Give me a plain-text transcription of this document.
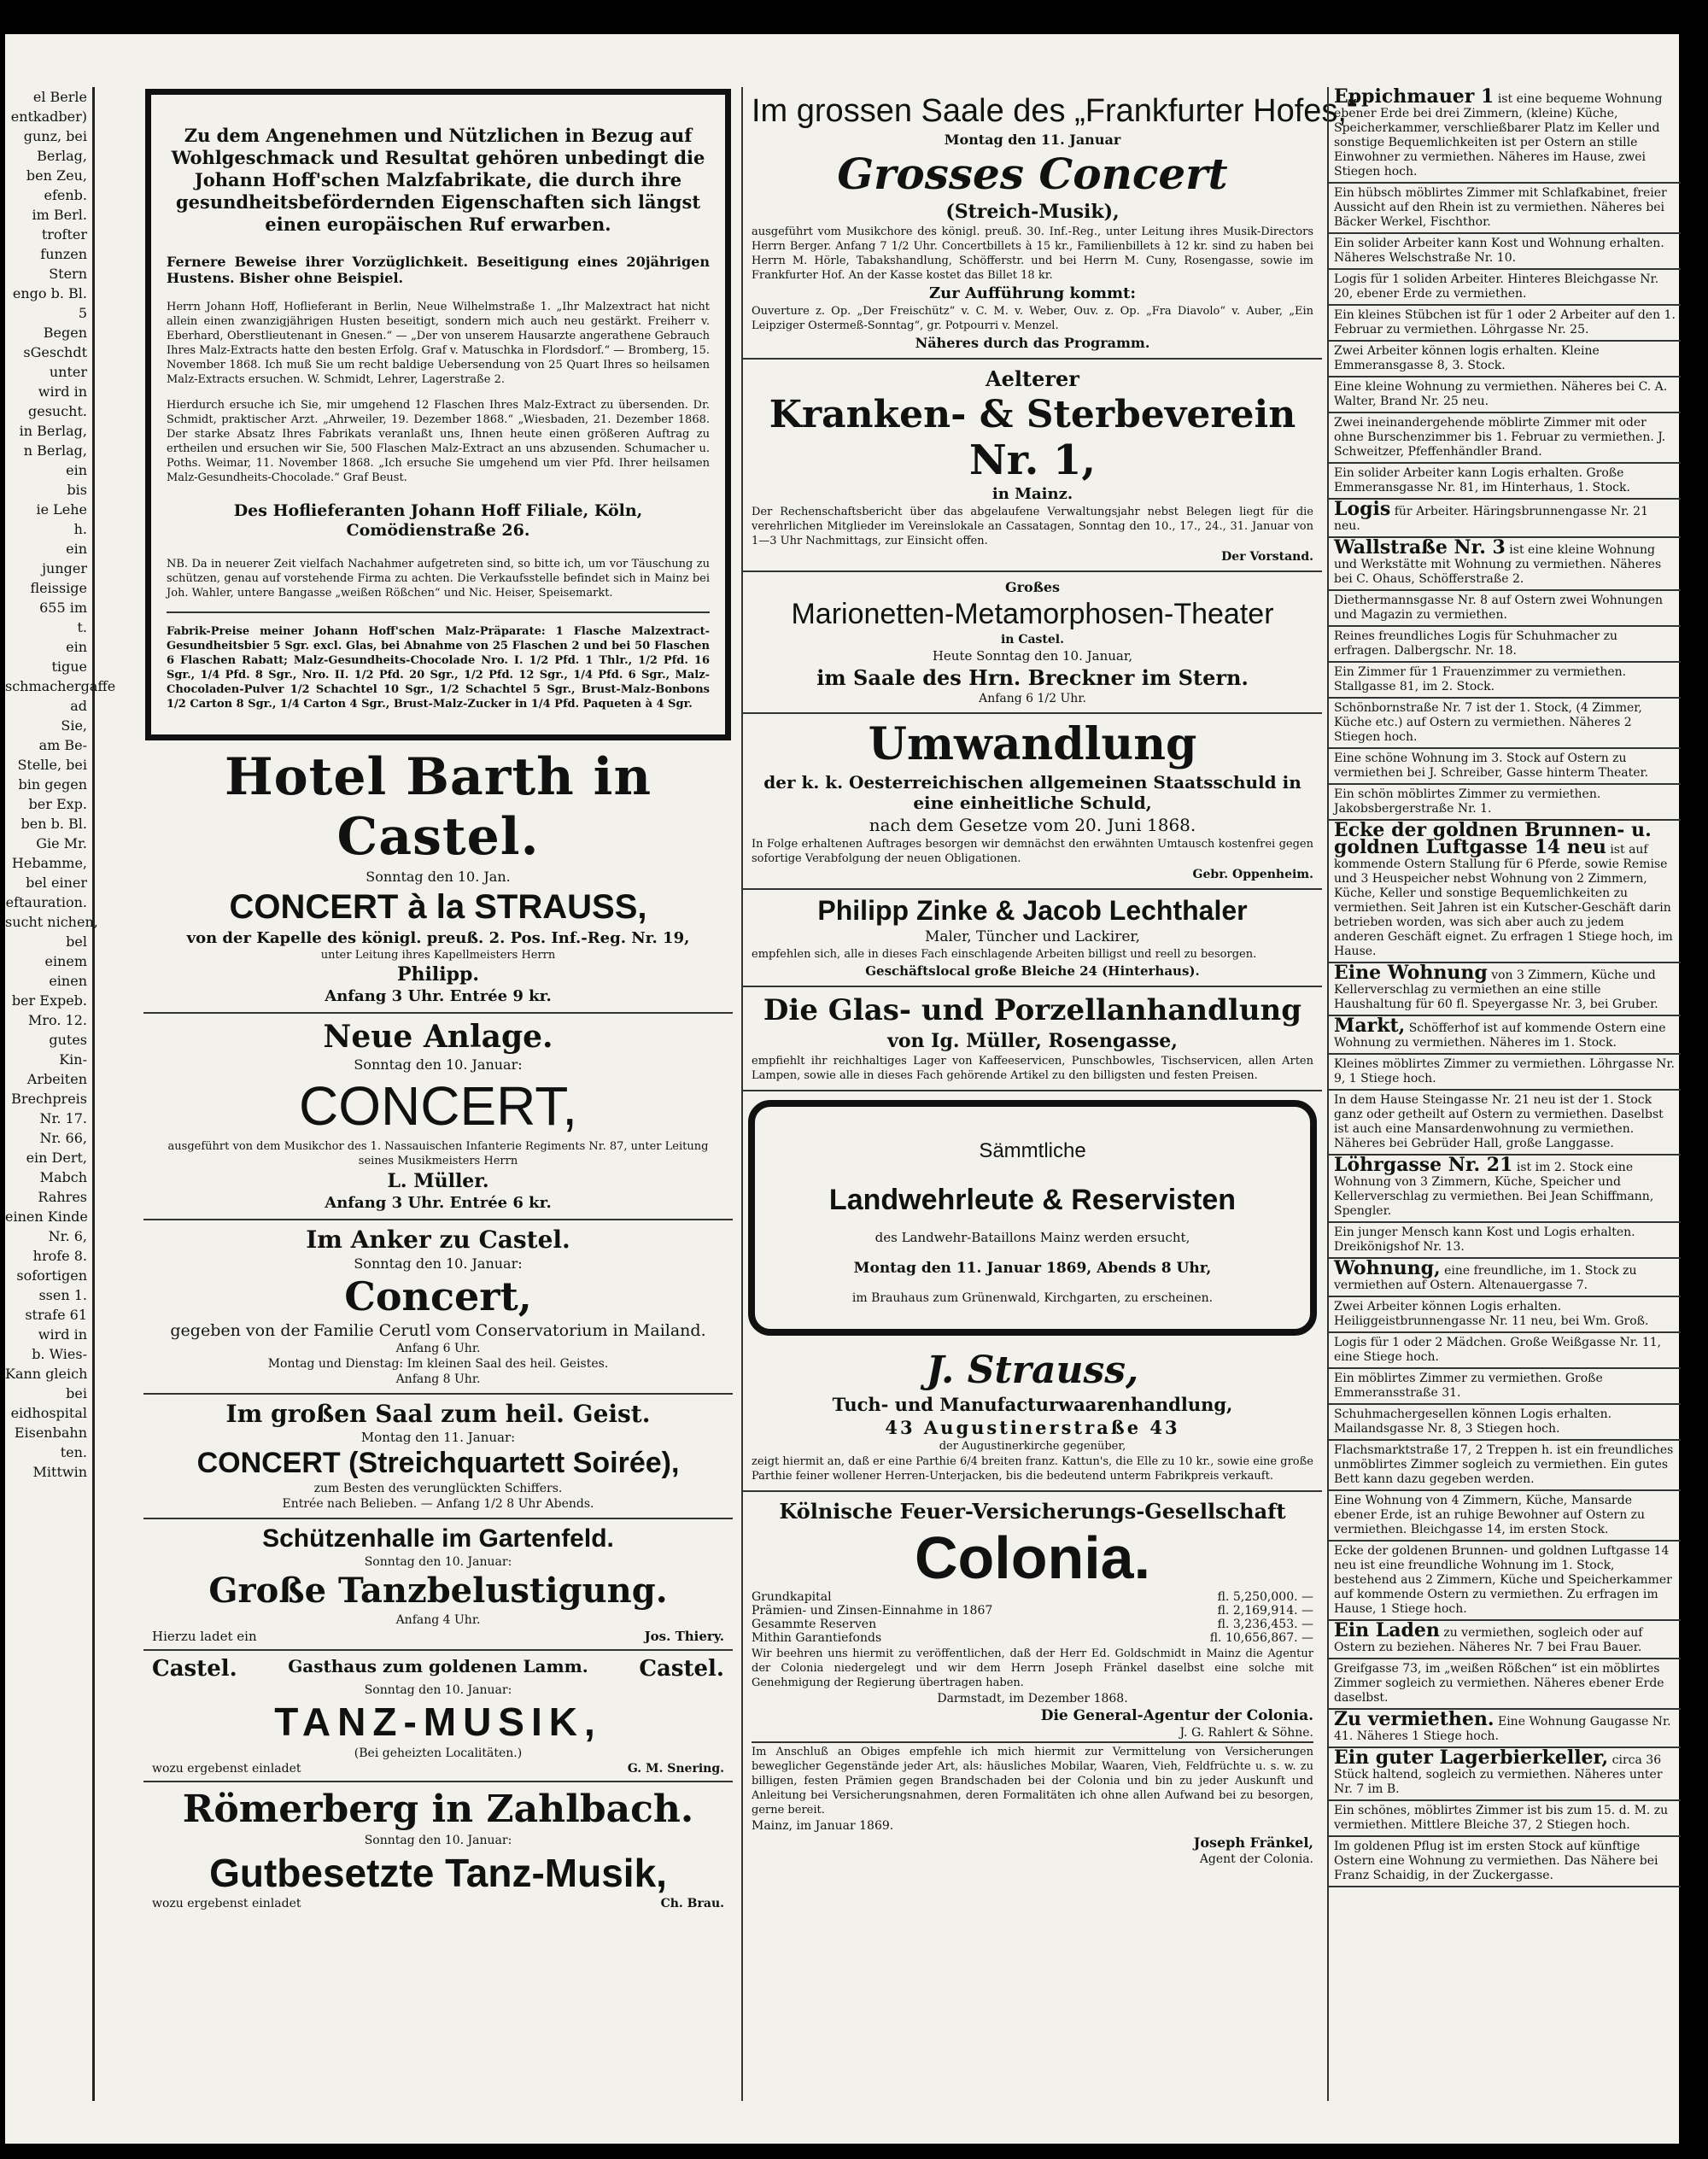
el Berle
entkadber)
gunz, bei
Berlag,
ben Zeu,
efenb.
im Berl.
trofter
funzen
Stern
engo b. Bl.
5
Begen
sGeschdt
unter
wird in
gesucht.
in Berlag,
n Berlag,
ein
bis
ie Lehe
h.
ein
junger
fleissige
655 im
t.
ein
tigue
schmachergaffe
ad
Sie,
am Be-
Stelle, bei
bin gegen
ber Exp.
ben b. Bl.
Gie Mr.
Hebamme,
bel einer
eftauration.
sucht nichen,
bel
einem
einen
ber Expeb.
Mro. 12.
gutes
Kin-
Arbeiten
Brechpreis
Nr. 17.
Nr. 66,
ein Dert,
Mabch
Rahres
einen Kinde
Nr. 6,
hrofe 8.
sofortigen
ssen 1.
strafe 61
wird in
b. Wies-
Kann gleich
bei
eidhospital
Eisenbahn
ten.
Mittwin

Zu dem Angenehmen und Nützlichen in Bezug auf Wohlgeschmack und Resultat gehören unbedingt die Johann Hoff'schen Malzfabrikate, die durch ihre gesundheitsbefördernden Eigenschaften sich längst einen europäischen Ruf erwarben.

Fernere Beweise ihrer Vorzüglichkeit. Beseitigung eines 20jährigen Hustens. Bisher ohne Beispiel.

Herrn Johann Hoff, Hoflieferant in Berlin, Neue Wilhelmstraße 1. „Ihr Malzextract hat nicht allein einen zwanzigjährigen Husten beseitigt, sondern mich auch neu gestärkt. Freiherr v. Eberhard, Oberstlieutenant in Gnesen.“ — „Der von unserem Hausarzte angerathene Gebrauch Ihres Malz-Extracts hatte den besten Erfolg. Graf v. Matuschka in Flordsdorf.“ — Bromberg, 15. November 1868. Ich muß Sie um recht baldige Uebersendung von 25 Quart Ihres so heilsamen Malz-Extracts ersuchen. W. Schmidt, Lehrer, Lagerstraße 2.

Hierdurch ersuche ich Sie, mir umgehend 12 Flaschen Ihres Malz-Extract zu übersenden. Dr. Schmidt, praktischer Arzt. „Ahrweiler, 19. Dezember 1868.“ „Wiesbaden, 21. Dezember 1868. Der starke Absatz Ihres Fabrikats veranlaßt uns, Ihnen heute einen größeren Auftrag zu ertheilen und ersuchen wir Sie, 500 Flaschen Malz-Extract an uns abzusenden. Schumacher u. Poths. Weimar, 11. November 1868. „Ich ersuche Sie umgehend um vier Pfd. Ihrer heilsamen Malz-Gesundheits-Chocolade.“ Graf Beust.

Des Hoflieferanten Johann Hoff Filiale, Köln, Comödienstraße 26.

NB. Da in neuerer Zeit vielfach Nachahmer aufgetreten sind, so bitte ich, um vor Täuschung zu schützen, genau auf vorstehende Firma zu achten. Die Verkaufsstelle befindet sich in Mainz bei Joh. Wahler, untere Bangasse „weißen Rößchen“ und Nic. Heiser, Speisemarkt.

Fabrik-Preise meiner Johann Hoff'schen Malz-Präparate: 1 Flasche Malzextract-Gesundheitsbier 5 Sgr. excl. Glas, bei Abnahme von 25 Flaschen 2 und bei 50 Flaschen 6 Flaschen Rabatt; Malz-Gesundheits-Chocolade Nro. I. 1/2 Pfd. 1 Thlr., 1/2 Pfd. 16 Sgr., 1/4 Pfd. 8 Sgr., Nro. II. 1/2 Pfd. 20 Sgr., 1/2 Pfd. 12 Sgr., 1/4 Pfd. 6 Sgr., Malz-Chocoladen-Pulver 1/2 Schachtel 10 Sgr., 1/2 Schachtel 5 Sgr., Brust-Malz-Bonbons 1/2 Carton 8 Sgr., 1/4 Carton 4 Sgr., Brust-Malz-Zucker in 1/4 Pfd. Paqueten à 4 Sgr.

Hotel Barth in Castel.

Sonntag den 10. Jan.

CONCERT à la STRAUSS,

von der Kapelle des königl. preuß. 2. Pos. Inf.-Reg. Nr. 19,

unter Leitung ihres Kapellmeisters Herrn

Philipp.

Anfang 3 Uhr. Entrée 9 kr.

Neue Anlage.

Sonntag den 10. Januar:

CONCERT,

ausgeführt von dem Musikchor des 1. Nassauischen Infanterie Regiments Nr. 87, unter Leitung seines Musikmeisters Herrn

L. Müller.

Anfang 3 Uhr. Entrée 6 kr.

Im Anker zu Castel.

Sonntag den 10. Januar:

Concert,

gegeben von der Familie Cerutl vom Conservatorium in Mailand.

Anfang 6 Uhr.

Montag und Dienstag: Im kleinen Saal des heil. Geistes.

Anfang 8 Uhr.

Im großen Saal zum heil. Geist.

Montag den 11. Januar:

CONCERT (Streichquartett Soirée),

zum Besten des verunglückten Schiffers.

Entrée nach Belieben. — Anfang 1/2 8 Uhr Abends.

Schützenhalle im Gartenfeld.

Sonntag den 10. Januar:

Große Tanzbelustigung.

Anfang 4 Uhr.

Hierzu ladet ein	Jos. Thiery.
Castel.	Gasthaus zum goldenen Lamm. Castel.

Sonntag den 10. Januar:

TANZ-MUSIK,

(Bei geheizten Localitäten.)

wozu ergebenst einladet	G. M. Snering.
Römerberg in Zahlbach.

Sonntag den 10. Januar:

Gutbesetzte Tanz-Musik,
wozu ergebenst einladet	Ch. Brau.
Im grossen Saale des „Frankfurter Hofes,“

Montag den 11. Januar

Grosses Concert

(Streich-Musik),

ausgeführt vom Musikchore des königl. preuß. 30. Inf.-Reg., unter Leitung ihres Musik-Directors Herrn Berger. Anfang 7 1/2 Uhr. Concertbillets à 15 kr., Familienbillets à 12 kr. sind zu haben bei Herrn M. Hörle, Tabakshandlung, Schöfferstr. und bei Herrn M. Cuny, Rosengasse, sowie im Frankfurter Hof. An der Kasse kostet das Billet 18 kr.

Zur Aufführung kommt:

Ouverture z. Op. „Der Freischütz“ v. C. M. v. Weber, Ouv. z. Op. „Fra Diavolo“ v. Auber, „Ein Leipziger Ostermeß-Sonntag“, gr. Potpourri v. Menzel.

Näheres durch das Programm.

Aelterer

Kranken- & Sterbeverein
Nr. 1,

in Mainz.

Der Rechenschaftsbericht über das abgelaufene Verwaltungsjahr nebst Belegen liegt für die verehrlichen Mitglieder im Vereinslokale an Cassatagen, Sonntag den 10., 17., 24., 31. Januar von 1—3 Uhr Nachmittags, zur Einsicht offen.

Der Vorstand.

Großes

Marionetten-Metamorphosen-Theater

in Castel.

Heute Sonntag den 10. Januar,

im Saale des Hrn. Breckner im Stern.

Anfang 6 1/2 Uhr.

Umwandlung

der k. k. Oesterreichischen allgemeinen Staatsschuld in eine einheitliche Schuld,

nach dem Gesetze vom 20. Juni 1868.

In Folge erhaltenen Auftrages besorgen wir demnächst den erwähnten Umtausch kostenfrei gegen sofortige Verabfolgung der neuen Obligationen.

Gebr. Oppenheim.

Philipp Zinke & Jacob Lechthaler

Maler, Tüncher und Lackirer,

empfehlen sich, alle in dieses Fach einschlagende Arbeiten billigst und reell zu besorgen.

Geschäftslocal große Bleiche 24 (Hinterhaus).

Die Glas- und Porzellanhandlung

von Ig. Müller, Rosengasse,

empfiehlt ihr reichhaltiges Lager von Kaffeeservicen, Punschbowles, Tischservicen, allen Arten Lampen, sowie alle in dieses Fach gehörende Artikel zu den billigsten und festen Preisen.

Sämmtliche

Landwehrleute & Reservisten

des Landwehr-Bataillons Mainz werden ersucht,

Montag den 11. Januar 1869, Abends 8 Uhr,

im Brauhaus zum Grünenwald, Kirchgarten, zu erscheinen.

J. Strauss,

Tuch- und Manufacturwaarenhandlung,

43 Augustinerstraße 43

der Augustinerkirche gegenüber,

zeigt hiermit an, daß er eine Parthie 6/4 breiten franz. Kattun's, die Elle zu 10 kr., sowie eine große Parthie feiner wollener Herren-Unterjacken, bis die bedeutend unterm Fabrikpreis verkauft.

Kölnische Feuer-Versicherungs-Gesellschaft

Colonia.
Grundkapital	fl. 5,250,000. —
Prämien- und Zinsen-Einnahme in 1867	fl. 2,169,914. —
Gesammte Reserven	fl. 3,236,453. —
Mithin Garantiefonds	fl. 10,656,867. —

Wir beehren uns hiermit zu veröffentlichen, daß der Herr Ed. Goldschmidt in Mainz die Agentur der Colonia niedergelegt und wir dem Herrn Joseph Fränkel daselbst eine solche mit Genehmigung der Regierung übertragen haben.

Darmstadt, im Dezember 1868.

Die General-Agentur der Colonia.

J. G. Rahlert & Söhne.

Im Anschluß an Obiges empfehle ich mich hiermit zur Vermittelung von Versicherungen beweglicher Gegenstände jeder Art, als: häusliches Mobilar, Waaren, Vieh, Feldfrüchte u. s. w. zu billigen, festen Prämien gegen Brandschaden bei der Colonia und bin zu jeder Auskunft und Anleitung bei Versicherungsnahmen, deren Formalitäten ich ohne allen Aufwand bei zu besorgen, gerne bereit.

Mainz, im Januar 1869.

Joseph Fränkel,

Agent der Colonia.

Eppichmauer 1 ist eine bequeme Wohnung ebener Erde bei drei Zimmern, (kleine) Küche, Speicherkammer, verschließbarer Platz im Keller und sonstige Bequemlichkeiten ist per Ostern an stille Einwohner zu vermiethen. Näheres im Hause, zwei Stiegen hoch.
Ein hübsch möblirtes Zimmer mit Schlafkabinet, freier Aussicht auf den Rhein ist zu vermiethen. Näheres bei Bäcker Werkel, Fischthor.
Ein solider Arbeiter kann Kost und Wohnung erhalten. Näheres Welschstraße Nr. 10.
Logis für 1 soliden Arbeiter. Hinteres Bleichgasse Nr. 20, ebener Erde zu vermiethen.
Ein kleines Stübchen ist für 1 oder 2 Arbeiter auf den 1. Februar zu vermiethen. Löhrgasse Nr. 25.
Zwei Arbeiter können logis erhalten. Kleine Emmeransgasse 8, 3. Stock.
Eine kleine Wohnung zu vermiethen. Näheres bei C. A. Walter, Brand Nr. 25 neu.
Zwei ineinandergehende möblirte Zimmer mit oder ohne Burschenzimmer bis 1. Februar zu vermiethen. J. Schweitzer, Pfeffenhändler Brand.
Ein solider Arbeiter kann Logis erhalten. Große Emmeransgasse Nr. 81, im Hinterhaus, 1. Stock.
Logis für Arbeiter. Häringsbrunnengasse Nr. 21 neu.
Wallstraße Nr. 3 ist eine kleine Wohnung und Werkstätte mit Wohnung zu vermiethen. Näheres bei C. Ohaus, Schöfferstraße 2.
Diethermannsgasse Nr. 8 auf Ostern zwei Wohnungen und Magazin zu vermiethen.
Reines freundliches Logis für Schuhmacher zu erfragen. Dalbergschr. Nr. 18.
Ein Zimmer für 1 Frauenzimmer zu vermiethen. Stallgasse 81, im 2. Stock.
Schönbornstraße Nr. 7 ist der 1. Stock, (4 Zimmer, Küche etc.) auf Ostern zu vermiethen. Näheres 2 Stiegen hoch.
Eine schöne Wohnung im 3. Stock auf Ostern zu vermiethen bei J. Schreiber, Gasse hinterm Theater.
Ein schön möblirtes Zimmer zu vermiethen. Jakobsbergerstraße Nr. 1.
Ecke der goldnen Brunnen- u. goldnen Luftgasse 14 neu ist auf kommende Ostern Stallung für 6 Pferde, sowie Remise und 3 Heuspeicher nebst Wohnung von 2 Zimmern, Küche, Keller und sonstige Bequemlichkeiten zu vermiethen. Seit Jahren ist ein Kutscher-Geschäft darin betrieben worden, was sich aber auch zu jedem anderen Geschäft eignet. Zu erfragen 1 Stiege hoch, im Hause.
Eine Wohnung von 3 Zimmern, Küche und Kellerverschlag zu vermiethen an eine stille Haushaltung für 60 fl. Speyergasse Nr. 3, bei Gruber.
Markt, Schöfferhof ist auf kommende Ostern eine Wohnung zu vermiethen. Näheres im 1. Stock.
Kleines möblirtes Zimmer zu vermiethen. Löhrgasse Nr. 9, 1 Stiege hoch.
In dem Hause Steingasse Nr. 21 neu ist der 1. Stock ganz oder getheilt auf Ostern zu vermiethen. Daselbst ist auch eine Mansardenwohnung zu vermiethen. Näheres bei Gebrüder Hall, große Langgasse.
Löhrgasse Nr. 21 ist im 2. Stock eine Wohnung von 3 Zimmern, Küche, Speicher und Kellerverschlag zu vermiethen. Bei Jean Schiffmann, Spengler.
Ein junger Mensch kann Kost und Logis erhalten. Dreikönigshof Nr. 13.
Wohnung, eine freundliche, im 1. Stock zu vermiethen auf Ostern. Altenauergasse 7.
Zwei Arbeiter können Logis erhalten. Heiliggeistbrunnengasse Nr. 11 neu, bei Wm. Groß.
Logis für 1 oder 2 Mädchen. Große Weißgasse Nr. 11, eine Stiege hoch.
Ein möblirtes Zimmer zu vermiethen. Große Emmeransstraße 31.
Schuhmachergesellen können Logis erhalten. Mailandsgasse Nr. 8, 3 Stiegen hoch.
Flachsmarktstraße 17, 2 Treppen h. ist ein freundliches unmöblirtes Zimmer sogleich zu vermiethen. Ein gutes Bett kann dazu gegeben werden.
Eine Wohnung von 4 Zimmern, Küche, Mansarde ebener Erde, ist an ruhige Bewohner auf Ostern zu vermiethen. Bleichgasse 14, im ersten Stock.
Ecke der goldenen Brunnen- und goldnen Luftgasse 14 neu ist eine freundliche Wohnung im 1. Stock, bestehend aus 2 Zimmern, Küche und Speicherkammer auf kommende Ostern zu vermiethen. Zu erfragen im Hause, 1 Stiege hoch.
Ein Laden zu vermiethen, sogleich oder auf Ostern zu beziehen. Näheres Nr. 7 bei Frau Bauer.
Greifgasse 73, im „weißen Rößchen“ ist ein möblirtes Zimmer sogleich zu vermiethen. Näheres ebener Erde daselbst.
Zu vermiethen. Eine Wohnung Gaugasse Nr. 41. Näheres 1 Stiege hoch.
Ein guter Lagerbierkeller, circa 36 Stück haltend, sogleich zu vermiethen. Näheres unter Nr. 7 im B.
Ein schönes, möblirtes Zimmer ist bis zum 15. d. M. zu vermiethen. Mittlere Bleiche 37, 2 Stiegen hoch.
Im goldenen Pflug ist im ersten Stock auf künftige Ostern eine Wohnung zu vermiethen. Das Nähere bei Franz Schaidig, in der Zuckergasse.
